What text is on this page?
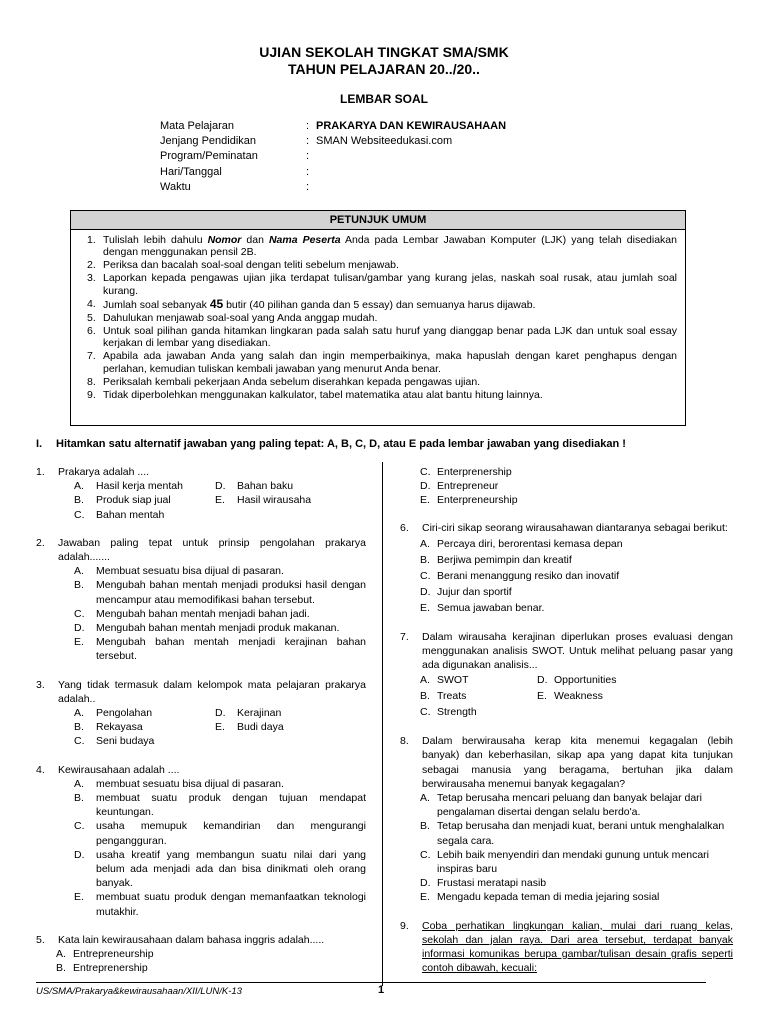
UJIAN SEKOLAH TINGKAT SMA/SMK
TAHUN PELAJARAN 20../20..
LEMBAR SOAL
Mata Pelajaran	: PRAKARYA DAN KEWIRAUSAHAAN
Jenjang Pendidikan	: SMAN Websiteedukasi.com
Program/Peminatan	:
Hari/Tanggal	:
Waktu	:
PETUNJUK UMUM
1. Tulislah lebih dahulu Nomor dan Nama Peserta Anda pada Lembar Jawaban Komputer (LJK) yang telah disediakan dengan menggunakan pensil 2B.
2. Periksa dan bacalah soal-soal dengan teliti sebelum menjawab.
3. Laporkan kepada pengawas ujian jika terdapat tulisan/gambar yang kurang jelas, naskah soal rusak, atau jumlah soal kurang.
4. Jumlah soal sebanyak 45 butir (40 pilihan ganda dan 5 essay) dan semuanya harus dijawab.
5. Dahulukan menjawab soal-soal yang Anda anggap mudah.
6. Untuk soal pilihan ganda hitamkan lingkaran pada salah satu huruf yang dianggap benar pada LJK dan untuk soal essay kerjakan di lembar yang disediakan.
7. Apabila ada jawaban Anda yang salah dan ingin memperbaikinya, maka hapuslah dengan karet penghapus dengan perlahan, kemudian tuliskan kembali jawaban yang menurut Anda benar.
8. Periksalah kembali pekerjaan Anda sebelum diserahkan kepada pengawas ujian.
9. Tidak diperbolehkan menggunakan kalkulator, tabel matematika atau alat bantu hitung lainnya.
I. Hitamkan satu alternatif jawaban yang paling tepat: A, B, C, D, atau E pada lembar jawaban yang disediakan !
1.	Prakarya adalah ....
A.	Hasil kerja mentah	D.	Bahan baku
B.	Produk siap jual	E.	Hasil wirausaha
C.	Bahan mentah
2.	Jawaban paling tepat untuk prinsip pengolahan prakarya adalah.......
A.	Membuat sesuatu bisa dijual di pasaran.
B.	Mengubah bahan mentah menjadi produksi hasil dengan mencampur atau memodifikasi bahan tersebut.
C.	Mengubah bahan mentah menjadi bahan jadi.
D.	Mengubah bahan mentah menjadi produk makanan.
E.	Mengubah bahan mentah menjadi kerajinan bahan tersebut.
3.	Yang tidak termasuk dalam kelompok mata pelajaran prakarya adalah..
A.	Pengolahan	D.	Kerajinan
B.	Rekayasa	E.	Budi daya
C.	Seni budaya
4.	Kewirausahaan adalah ....
A.	membuat sesuatu bisa dijual di pasaran.
B.	membuat suatu produk dengan tujuan mendapat keuntungan.
C.	usaha memupuk kemandirian dan mengurangi pengangguran.
D.	usaha kreatif yang membangun suatu nilai dari yang belum ada menjadi ada dan bisa dinikmati oleh orang banyak.
E.	membuat suatu produk dengan memanfaatkan teknologi mutakhir.
5.	Kata lain kewirausahaan dalam bahasa inggris adalah.....
A. Entrepreneurship
B. Entreprenership
C. Enterprenership
D. Entrepreneur
E. Enterpreneurship
6.	Ciri-ciri sikap seorang wirausahawan diantaranya sebagai berikut:
A. Percaya diri, berorentasi kemasa depan
B. Berjiwa pemimpin dan kreatif
C. Berani menanggung resiko dan inovatif
D. Jujur dan sportif
E. Semua jawaban benar.
7.	Dalam wirausaha kerajinan diperlukan proses evaluasi dengan menggunakan analisis SWOT. Untuk melihat peluang pasar yang ada digunakan analisis...
A. SWOT	D. Opportunities
B. Treats	E. Weakness
C. Strength
8.	Dalam berwirausaha kerap kita menemui kegagalan (lebih banyak) dan keberhasilan, sikap apa yang dapat kita tunjukan sebagai manusia yang beragama, bertuhan jika dalam berwirausaha menemui banyak kegagalan?
A. Tetap berusaha mencari peluang dan banyak belajar dari pengalaman disertai dengan selalu berdo'a.
B. Tetap berusaha dan menjadi kuat, berani untuk menghalalkan segala cara.
C. Lebih baik menyendiri dan mendaki gunung untuk mencari inspiras baru
D. Frustasi meratapi nasib
E. Mengadu kepada teman di media jejaring sosial
9.	Coba perhatikan lingkungan kalian, mulai dari ruang kelas, sekolah dan jalan raya. Dari area tersebut, terdapat banyak informasi komunikas berupa gambar/tulisan desain grafis seperti contoh dibawah, kecuali:
US/SMA/Prakarya&kewirausahaan/XII/LUN/K-13	1
